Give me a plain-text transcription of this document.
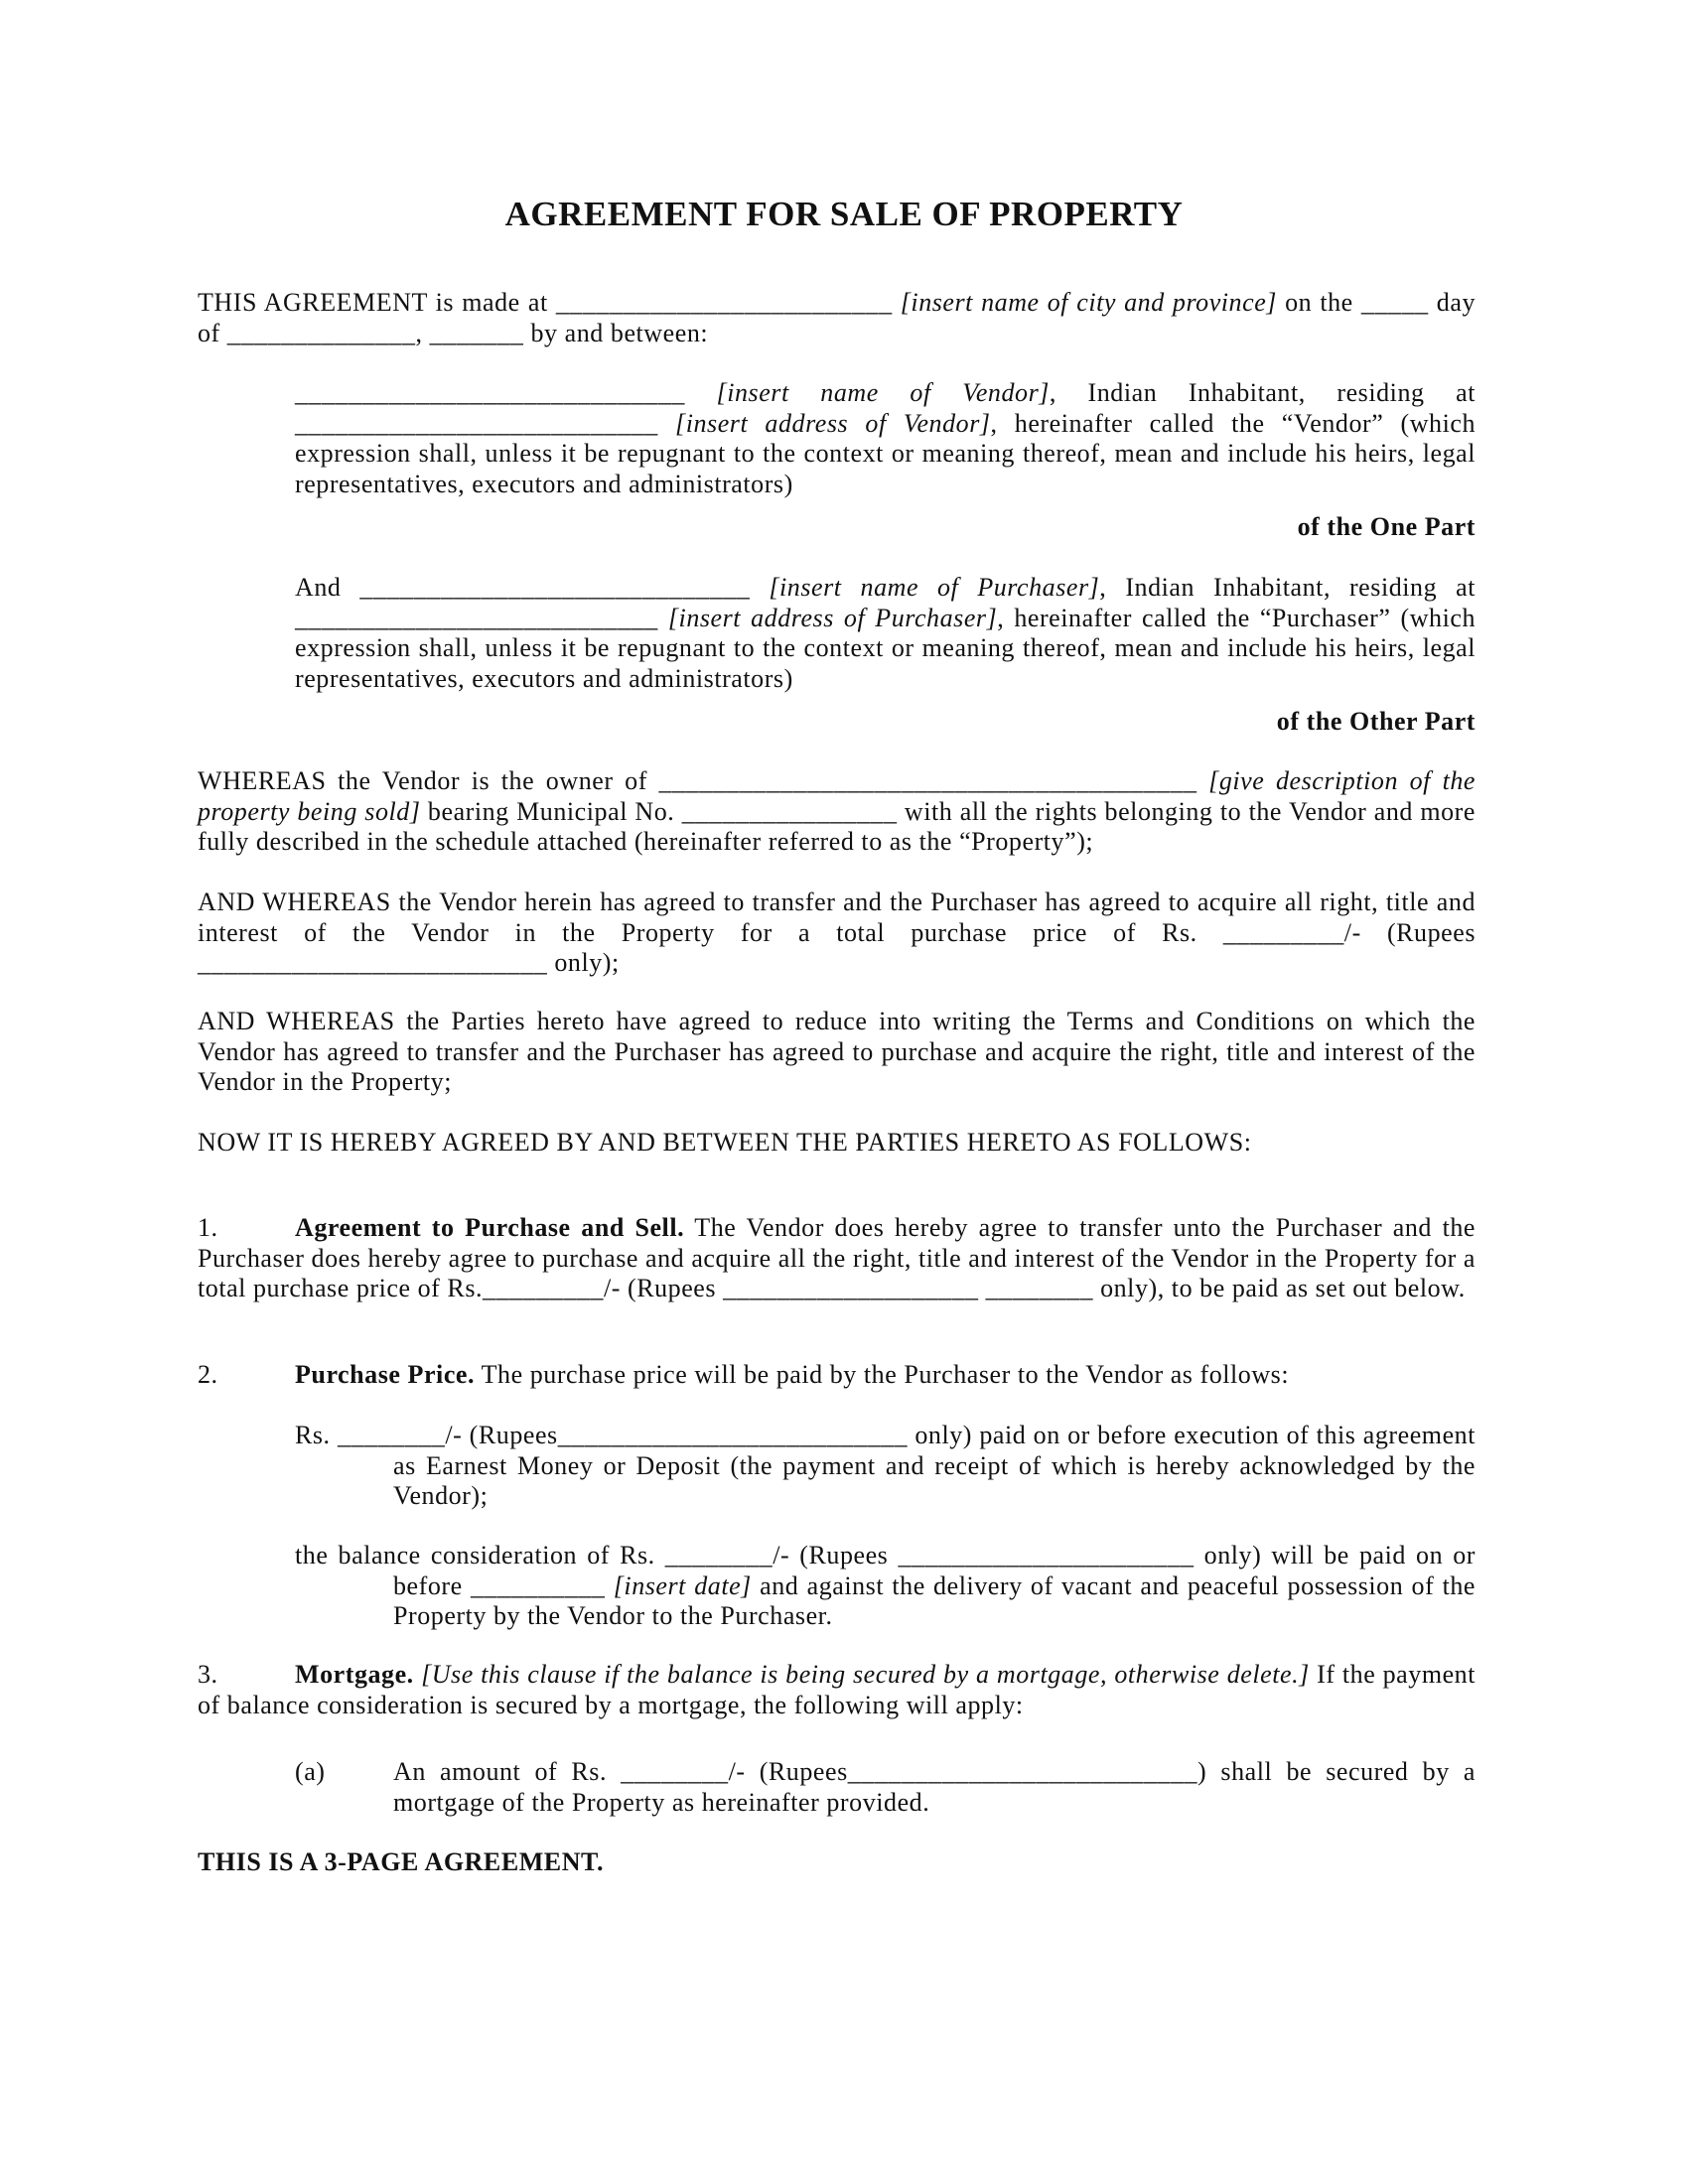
AGREEMENT FOR SALE OF PROPERTY
THIS AGREEMENT is made at _________________________ [insert name of city and province] on the _____ day of ______________, _______ by and between:
_____________________________ [insert name of Vendor], Indian Inhabitant, residing at ___________________________ [insert address of Vendor], hereinafter called the “Vendor” (which expression shall, unless it be repugnant to the context or meaning thereof, mean and include his heirs, legal representatives, executors and administrators)
of the One Part
And _____________________________ [insert name of Purchaser], Indian Inhabitant, residing at ___________________________ [insert address of Purchaser], hereinafter called the “Purchaser” (which expression shall, unless it be repugnant to the context or meaning thereof, mean and include his heirs, legal representatives, executors and administrators)
of the Other Part
WHEREAS the Vendor is the owner of ________________________________________ [give description of the property being sold] bearing Municipal No. ________________ with all the rights belonging to the Vendor and more fully described in the schedule attached (hereinafter referred to as the “Property”);
AND WHEREAS the Vendor herein has agreed to transfer and the Purchaser has agreed to acquire all right, title and interest of the Vendor in the Property for a total purchase price of Rs. _________/- (Rupees __________________________ only);
AND WHEREAS the Parties hereto have agreed to reduce into writing the Terms and Conditions on which the Vendor has agreed to transfer and the Purchaser has agreed to purchase and acquire the right, title and interest of the Vendor in the Property;
NOW IT IS HEREBY AGREED BY AND BETWEEN THE PARTIES HERETO AS FOLLOWS:
1.	Agreement to Purchase and Sell. The Vendor does hereby agree to transfer unto the Purchaser and the Purchaser does hereby agree to purchase and acquire all the right, title and interest of the Vendor in the Property for a total purchase price of Rs._________/- (Rupees ___________________ ________ only), to be paid as set out below.
2.	Purchase Price. The purchase price will be paid by the Purchaser to the Vendor as follows:
Rs. ________/- (Rupees__________________________ only) paid on or before execution of this agreement as Earnest Money or Deposit (the payment and receipt of which is hereby acknowledged by the Vendor);
the balance consideration of Rs. ________/- (Rupees ______________________ only) will be paid on or before __________ [insert date] and against the delivery of vacant and peaceful possession of the Property by the Vendor to the Purchaser.
3.	Mortgage. [Use this clause if the balance is being secured by a mortgage, otherwise delete.] If the payment of balance consideration is secured by a mortgage, the following will apply:
(a)	An amount of Rs. ________/- (Rupees__________________________) shall be secured by a mortgage of the Property as hereinafter provided.
THIS IS A 3-PAGE AGREEMENT.
